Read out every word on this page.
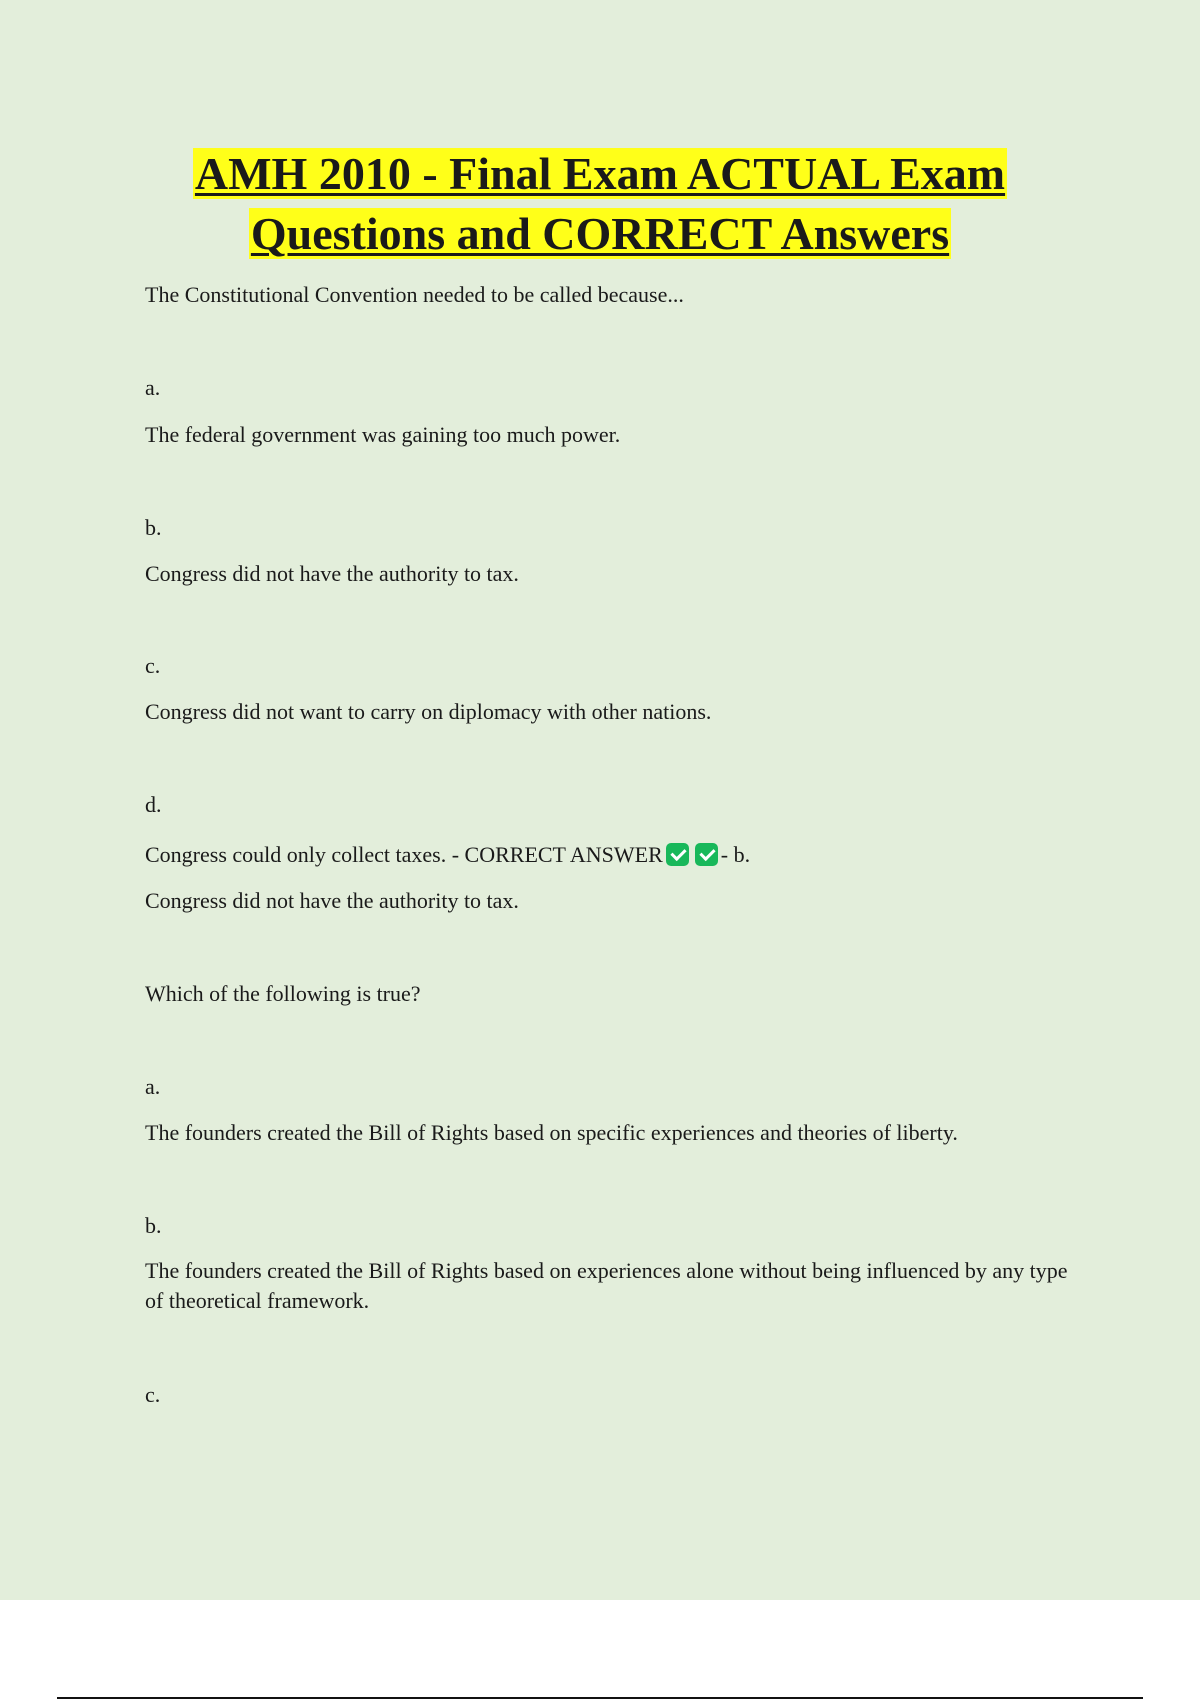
AMH 2010 - Final Exam ACTUAL Exam
Questions and CORRECT Answers
The Constitutional Convention needed to be called because...
a.
The federal government was gaining too much power.
b.
Congress did not have the authority to tax.
c.
Congress did not want to carry on diplomacy with other nations.
d.
Congress could only collect taxes. - CORRECT ANSWER	- b.
Congress did not have the authority to tax.
Which of the following is true?
a.
The founders created the Bill of Rights based on specific experiences and theories of liberty.
b.
The founders created the Bill of Rights based on experiences alone without being influenced by any type of theoretical framework.
c.
